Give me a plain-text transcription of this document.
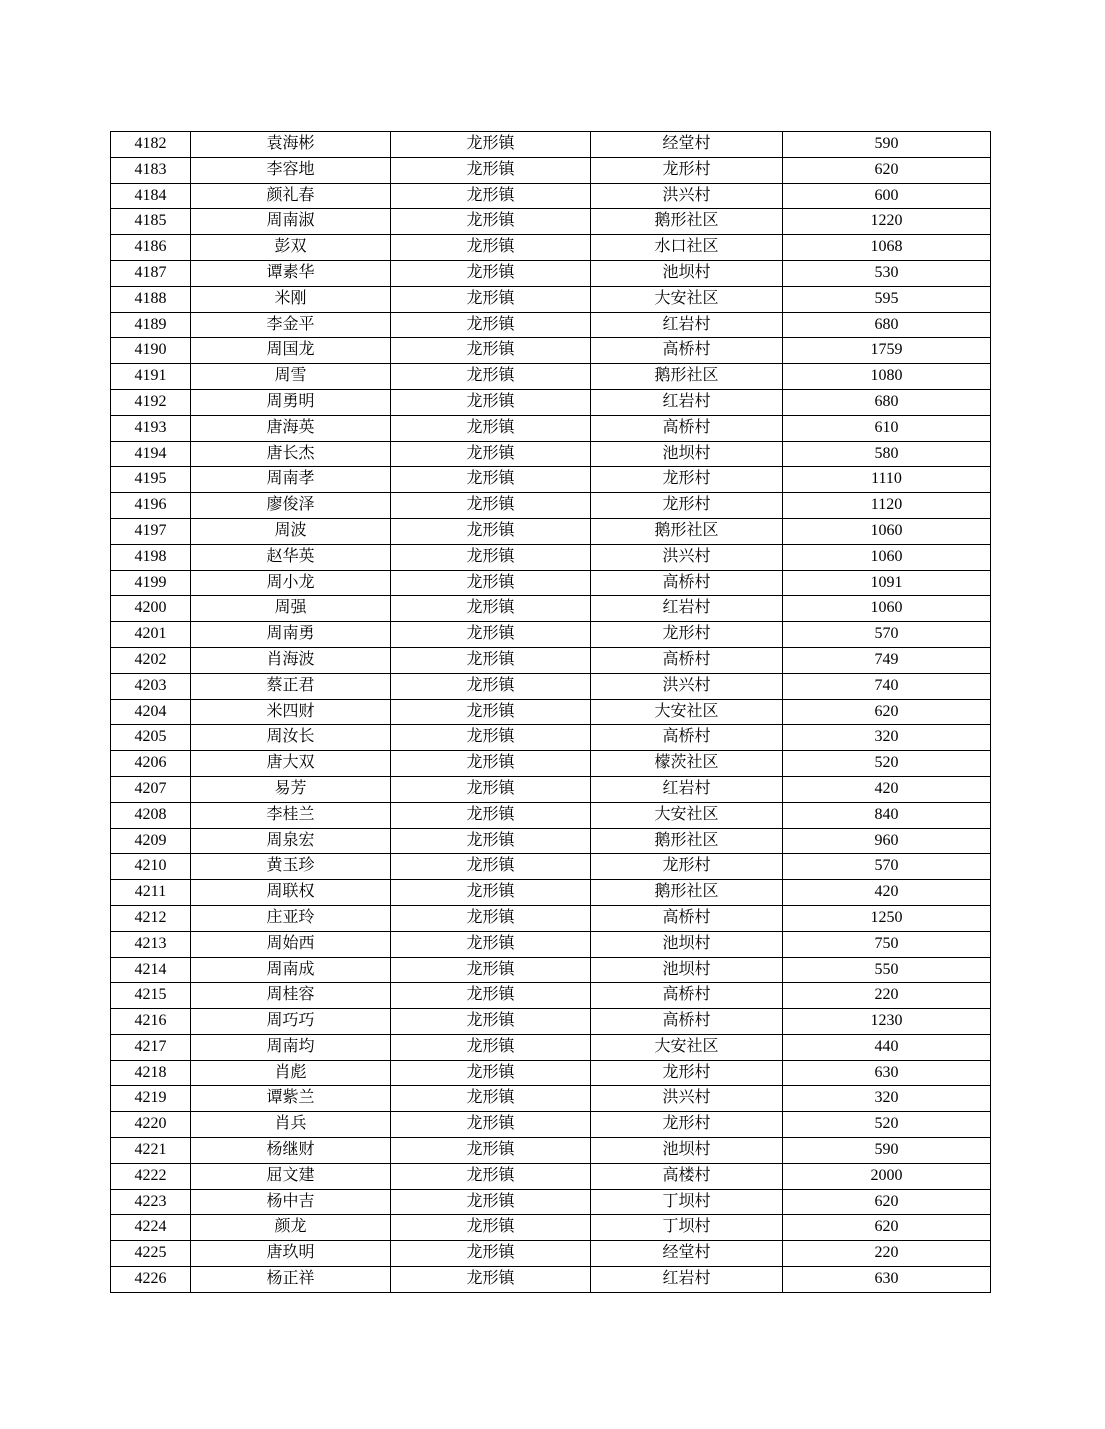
4182	袁海彬	龙形镇	经堂村	590
4183	李容地	龙形镇	龙形村	620
4184	颜礼春	龙形镇	洪兴村	600
4185	周南淑	龙形镇	鹅形社区	1220
4186	彭双	龙形镇	水口社区	1068
4187	谭素华	龙形镇	池坝村	530
4188	米刚	龙形镇	大安社区	595
4189	李金平	龙形镇	红岩村	680
4190	周国龙	龙形镇	高桥村	1759
4191	周雪	龙形镇	鹅形社区	1080
4192	周勇明	龙形镇	红岩村	680
4193	唐海英	龙形镇	高桥村	610
4194	唐长杰	龙形镇	池坝村	580
4195	周南孝	龙形镇	龙形村	1110
4196	廖俊泽	龙形镇	龙形村	1120
4197	周波	龙形镇	鹅形社区	1060
4198	赵华英	龙形镇	洪兴村	1060
4199	周小龙	龙形镇	高桥村	1091
4200	周强	龙形镇	红岩村	1060
4201	周南勇	龙形镇	龙形村	570
4202	肖海波	龙形镇	高桥村	749
4203	蔡正君	龙形镇	洪兴村	740
4204	米四财	龙形镇	大安社区	620
4205	周汝长	龙形镇	高桥村	320
4206	唐大双	龙形镇	檬茨社区	520
4207	易芳	龙形镇	红岩村	420
4208	李桂兰	龙形镇	大安社区	840
4209	周泉宏	龙形镇	鹅形社区	960
4210	黄玉珍	龙形镇	龙形村	570
4211	周联权	龙形镇	鹅形社区	420
4212	庄亚玲	龙形镇	高桥村	1250
4213	周始西	龙形镇	池坝村	750
4214	周南成	龙形镇	池坝村	550
4215	周桂容	龙形镇	高桥村	220
4216	周巧巧	龙形镇	高桥村	1230
4217	周南均	龙形镇	大安社区	440
4218	肖彪	龙形镇	龙形村	630
4219	谭紫兰	龙形镇	洪兴村	320
4220	肖兵	龙形镇	龙形村	520
4221	杨继财	龙形镇	池坝村	590
4222	屈文建	龙形镇	高楼村	2000
4223	杨中吉	龙形镇	丁坝村	620
4224	颜龙	龙形镇	丁坝村	620
4225	唐玖明	龙形镇	经堂村	220
4226	杨正祥	龙形镇	红岩村	630
